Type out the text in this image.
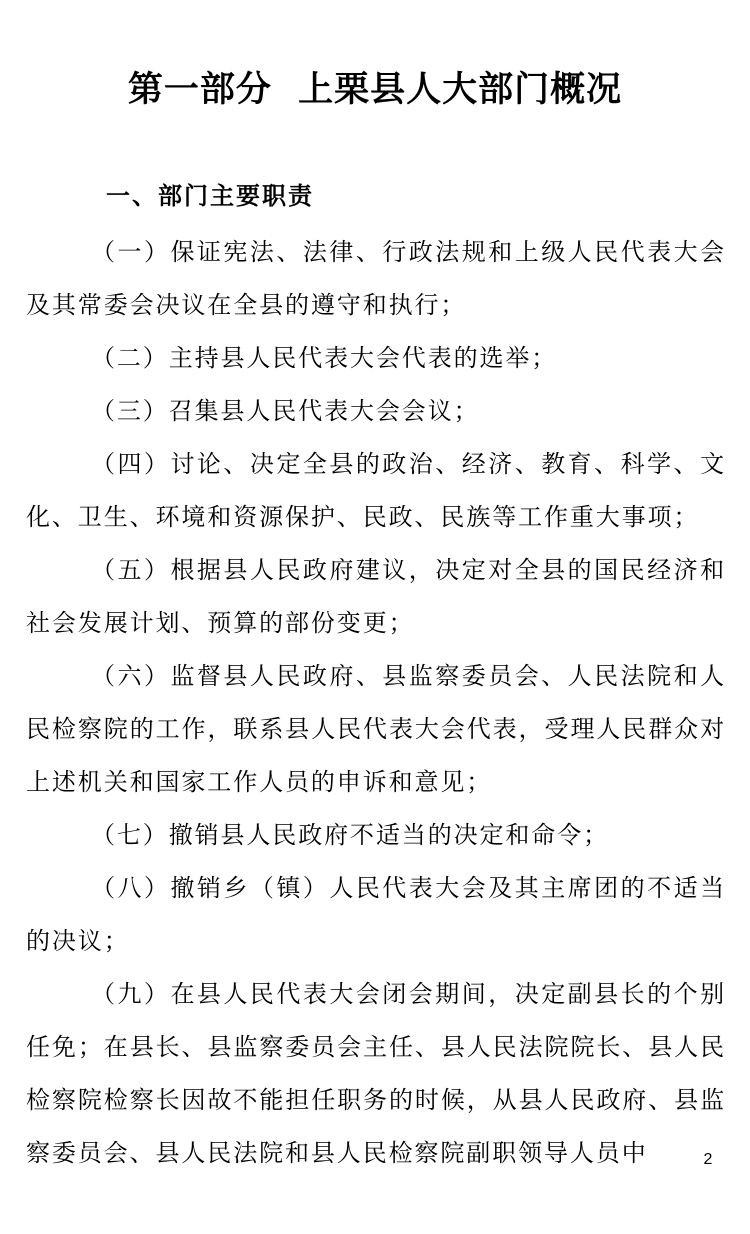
第一部分  上栗县人大部门概况
一、部门主要职责

（一）保证宪法、法律、行政法规和上级人民代表大会及其常委会决议在全县的遵守和执行；

（二）主持县人民代表大会代表的选举；

（三）召集县人民代表大会会议；

（四）讨论、决定全县的政治、经济、教育、科学、文化、卫生、环境和资源保护、民政、民族等工作重大事项；

（五）根据县人民政府建议，决定对全县的国民经济和社会发展计划、预算的部份变更；

（六）监督县人民政府、县监察委员会、人民法院和人民检察院的工作，联系县人民代表大会代表，受理人民群众对上述机关和国家工作人员的申诉和意见；

（七）撤销县人民政府不适当的决定和命令；

（八）撤销乡（镇）人民代表大会及其主席团的不适当的决议；

（九）在县人民代表大会闭会期间，决定副县长的个别任免；在县长、县监察委员会主任、县人民法院院长、县人民检察院检察长因故不能担任职务的时候，从县人民政府、县监察委员会、县人民法院和县人民检察院副职领导人员中	2
